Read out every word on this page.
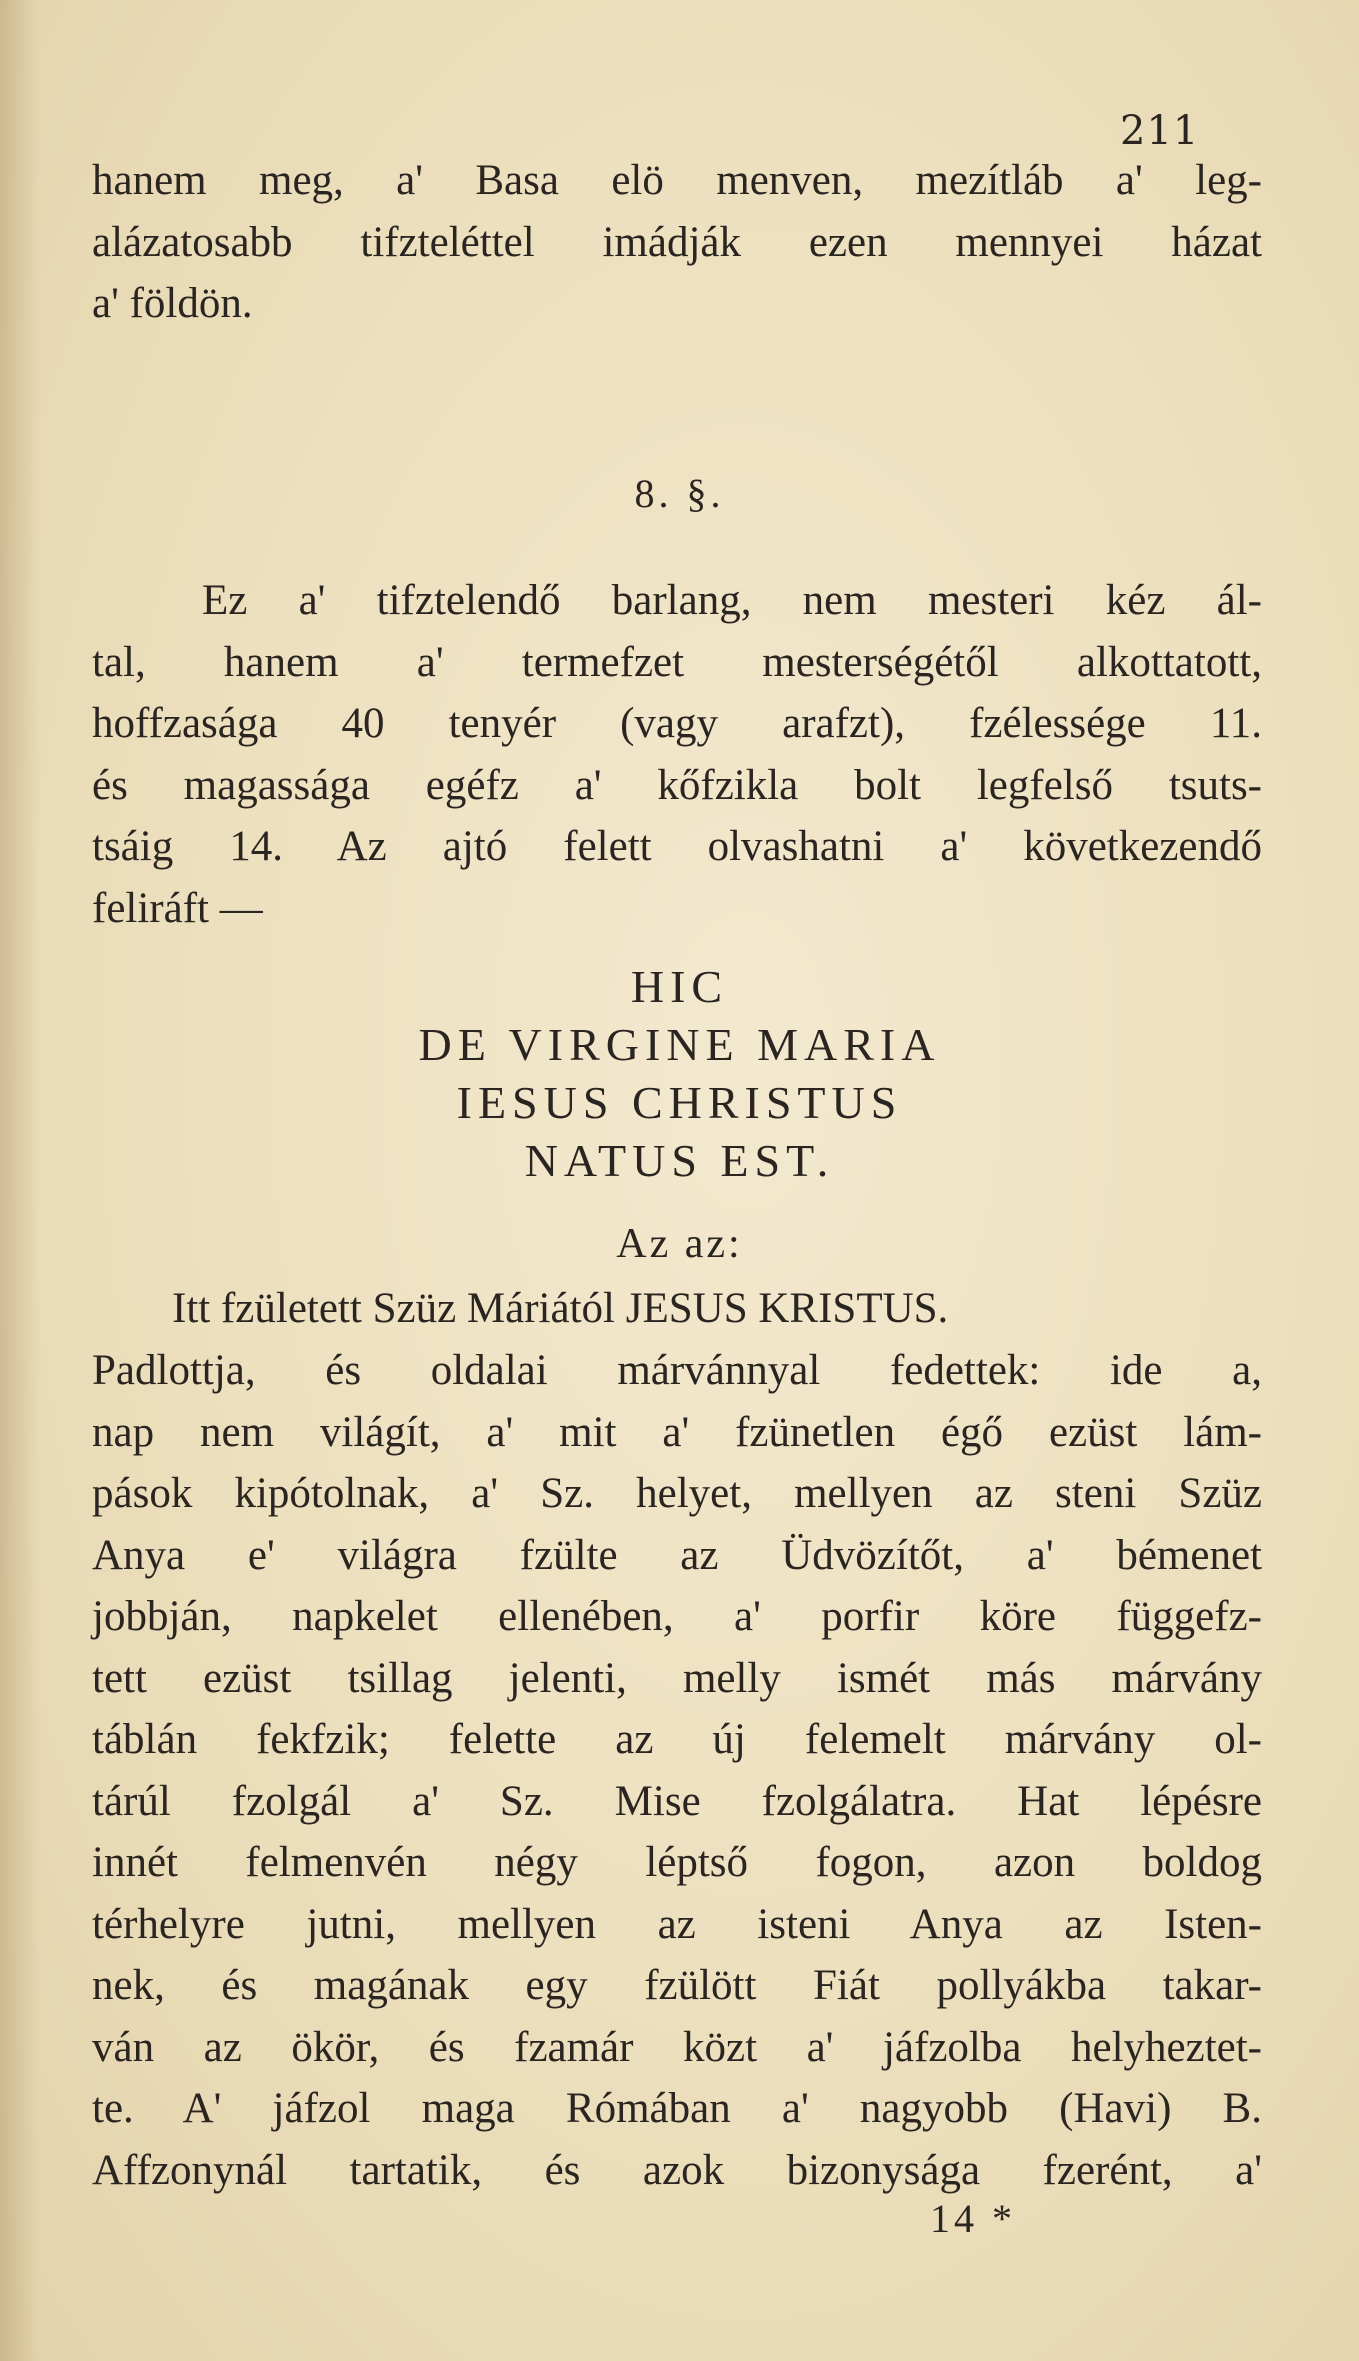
211
hanem meg, a' Basa elö menven, mezítláb a' leg-
alázatosabb tifzteléttel imádják ezen mennyei házat
a' földön.
8. §.
Ez a' tifztelendő barlang, nem mesteri kéz ál-
tal, hanem a' termefzet mesterségétől alkottatott,
hoffzasága 40 tenyér (vagy arafzt), fzélessége 11.
és magassága egéfz a' kőfzikla bolt legfelső tsuts-
tsáig 14. Az ajtó felett olvashatni a' következendő
feliráft —
HIC
DE VIRGINE MARIA
IESUS CHRISTUS
NATUS EST.
Az az:
Itt fzületett Szüz Máriától JESUS KRISTUS.
Padlottja, és oldalai márvánnyal fedettek: ide a,
nap nem világít, a' mit a' fzünetlen égő ezüst lám-
pások kipótolnak, a' Sz. helyet, mellyen az steni Szüz
Anya e' világra fzülte az Üdvözítőt, a' bémenet
jobbján, napkelet ellenében, a' porfir köre függefz-
tett ezüst tsillag jelenti, melly ismét más márvány
táblán fekfzik; felette az új felemelt márvány ol-
tárúl fzolgál a' Sz. Mise fzolgálatra. Hat lépésre
innét felmenvén négy léptső fogon, azon boldog
térhelyre jutni, mellyen az isteni Anya az Isten-
nek, és magának egy fzülött Fiát pollyákba takar-
ván az ökör, és fzamár közt a' jáfzolba helyheztet-
te. A' jáfzol maga Rómában a' nagyobb (Havi) B.
Affzonynál tartatik, és azok bizonysága fzerént, a'
14 *
